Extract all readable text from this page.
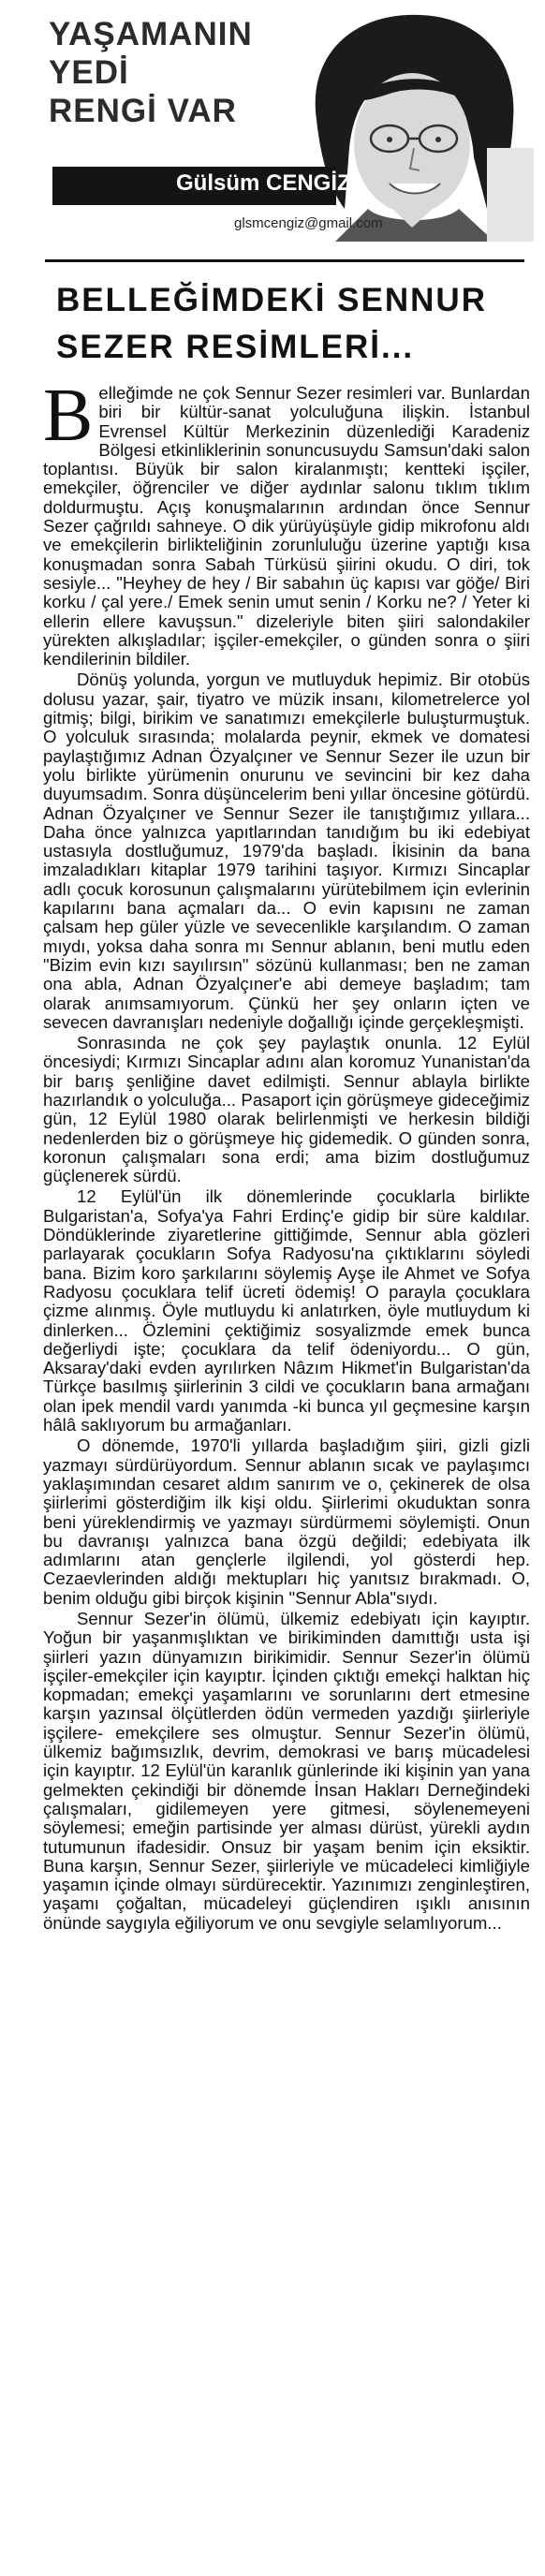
YAŞAMANIN
YEDİ
RENGİ VAR
Gülsüm CENGİZ
glsmcengiz@gmail.com
BELLEĞİMDEKİ SENNUR
SEZER RESİMLERİ...

Belleğimde ne çok Sennur Sezer resimleri var. Bunlardan biri bir kültür-sanat yolculuğuna ilişkin. İstanbul Evrensel Kültür Merkezinin düzenlediği Karadeniz Bölgesi etkinliklerinin sonuncusuydu Samsun'daki salon toplantısı. Büyük bir salon kiralanmıştı; kentteki işçiler, emekçiler, öğrenciler ve diğer aydınlar salonu tıklım tıklım doldurmuştu. Açış konuşmalarının ardından önce Sennur Sezer çağrıldı sahneye. O dik yürüyüşüyle gidip mikrofonu aldı ve emekçilerin birlikteliğinin zorunluluğu üzerine yaptığı kısa konuşmadan sonra Sabah Türküsü şiirini okudu. O diri, tok sesiyle... "Heyhey de hey / Bir sabahın üç kapısı var göğe/ Biri korku / çal yere./ Emek senin umut senin / Korku ne? / Yeter ki ellerin ellere kavuşsun." dizeleriyle biten şiiri salondakiler yürekten alkışladılar; işçiler-emekçiler, o günden sonra o şiiri kendilerinin bildiler.

Dönüş yolunda, yorgun ve mutluyduk hepimiz. Bir otobüs dolusu yazar, şair, tiyatro ve müzik insanı, kilometrelerce yol gitmiş; bilgi, birikim ve sanatımızı emekçilerle buluşturmuştuk. O yolculuk sırasında; molalarda peynir, ekmek ve domatesi paylaştığımız Adnan Özyalçıner ve Sennur Sezer ile uzun bir yolu birlikte yürümenin onurunu ve sevincini bir kez daha duyumsadım. Sonra düşüncelerim beni yıllar öncesine götürdü. Adnan Özyalçıner ve Sennur Sezer ile tanıştığımız yıllara... Daha önce yalnızca yapıtlarından tanıdığım bu iki edebiyat ustasıyla dostluğumuz, 1979'da başladı. İkisinin da bana imzaladıkları kitaplar 1979 tarihini taşıyor. Kırmızı Sincaplar adlı çocuk korosunun çalışmalarını yürütebilmem için evlerinin kapılarını bana açmaları da... O evin kapısını ne zaman çalsam hep güler yüzle ve sevecenlikle karşılandım. O zaman mıydı, yoksa daha sonra mı Sennur ablanın, beni mutlu eden "Bizim evin kızı sayılırsın" sözünü kullanması; ben ne zaman ona abla, Adnan Özyalçıner'e abi demeye başladım; tam olarak anımsamıyorum. Çünkü her şey onların içten ve sevecen davranışları nedeniyle doğallığı içinde gerçekleşmişti.

Sonrasında ne çok şey paylaştık onunla. 12 Eylül öncesiydi; Kırmızı Sincaplar adını alan koromuz Yunanistan'da bir barış şenliğine davet edilmişti. Sennur ablayla birlikte hazırlandık o yolculuğa... Pasaport için görüşmeye gideceğimiz gün, 12 Eylül 1980 olarak belirlenmişti ve herkesin bildiği nedenlerden biz o görüşmeye hiç gidemedik. O günden sonra, koronun çalışmaları sona erdi; ama bizim dostluğumuz güçlenerek sürdü.

12 Eylül'ün ilk dönemlerinde çocuklarla birlikte Bulgaristan'a, Sofya'ya Fahri Erdinç'e gidip bir süre kaldılar. Döndüklerinde ziyaretlerine gittiğimde, Sennur abla gözleri parlayarak çocukların Sofya Radyosu'na çıktıklarını söyledi bana. Bizim koro şarkılarını söylemiş Ayşe ile Ahmet ve Sofya Radyosu çocuklara telif ücreti ödemiş! O parayla çocuklara çizme alınmış. Öyle mutluydu ki anlatırken, öyle mutluydum ki dinlerken... Özlemini çektiğimiz sosyalizmde emek bunca değerliydi işte; çocuklara da telif ödeniyordu... O gün, Aksaray'daki evden ayrılırken Nâzım Hikmet'in Bulgaristan'da Türkçe basılmış şiirlerinin 3 cildi ve çocukların bana armağanı olan ipek mendil vardı yanımda -ki bunca yıl geçmesine karşın hâlâ saklıyorum bu armağanları.

O dönemde, 1970'li yıllarda başladığım şiiri, gizli gizli yazmayı sürdürüyordum. Sennur ablanın sıcak ve paylaşımcı yaklaşımından cesaret aldım sanırım ve o, çekinerek de olsa şiirlerimi gösterdiğim ilk kişi oldu. Şiirlerimi okuduktan sonra beni yüreklendirmiş ve yazmayı sürdürmemi söylemişti. Onun bu davranışı yalnızca bana özgü değildi; edebiyata ilk adımlarını atan gençlerle ilgilendi, yol gösterdi hep. Cezaevlerinden aldığı mektupları hiç yanıtsız bırakmadı. O, benim olduğu gibi birçok kişinin "Sennur Abla"sıydı.

Sennur Sezer'in ölümü, ülkemiz edebiyatı için kayıptır. Yoğun bir yaşanmışlıktan ve birikiminden damıttığı usta işi şiirleri yazın dünyamızın birikimidir. Sennur Sezer'in ölümü işçiler-emekçiler için kayıptır. İçinden çıktığı emekçi halktan hiç kopmadan; emekçi yaşamlarını ve sorunlarını dert etmesine karşın yazınsal ölçütlerden ödün vermeden yazdığı şiirleriyle işçilere- emekçilere ses olmuştur. Sennur Sezer'in ölümü, ülkemiz bağımsızlık, devrim, demokrasi ve barış mücadelesi için kayıptır. 12 Eylül'ün karanlık günlerinde iki kişinin yan yana gelmekten çekindiği bir dönemde İnsan Hakları Derneğindeki çalışmaları, gidilemeyen yere gitmesi, söylenemeyeni söylemesi; emeğin partisinde yer alması dürüst, yürekli aydın tutumunun ifadesidir. Onsuz bir yaşam benim için eksiktir. Buna karşın, Sennur Sezer, şiirleriyle ve mücadeleci kimliğiyle yaşamın içinde olmayı sürdürecektir. Yazınımızı zenginleştiren, yaşamı çoğaltan, mücadeleyi güçlendiren ışıklı anısının önünde saygıyla eğiliyorum ve onu sevgiyle selamlıyorum...
